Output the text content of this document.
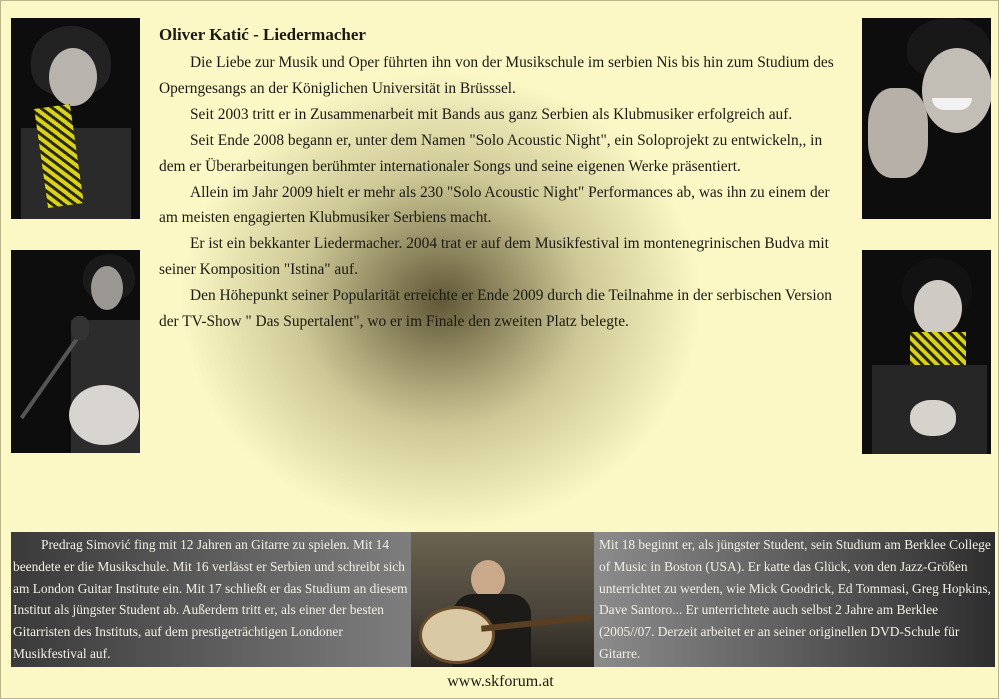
Oliver Katić - Liedermacher

Die Liebe zur Musik und Oper führten ihn von der Musikschule im serbien Nis bis hin zum Studium des Operngesangs an der Königlichen Universität in Brüsssel.

Seit 2003 tritt er in Zusammenarbeit mit Bands aus ganz Serbien als Klubmusiker erfolgreich auf.

Seit Ende 2008 begann er, unter dem Namen "Solo Acoustic Night", ein Soloprojekt zu entwickeln,, in dem er Überarbeitungen berühmter internationaler Songs und seine eigenen Werke präsentiert.

Allein im Jahr 2009 hielt er mehr als 230 "Solo Acoustic Night" Performances ab, was ihn zu einem der am meisten engagierten Klubmusiker Serbiens macht.

Er ist ein bekkanter Liedermacher. 2004 trat er auf dem Musikfestival im montenegrinischen Budva mit seiner Komposition "Istina" auf.

Den Höhepunkt seiner Popularität erreichte er Ende 2009 durch die Teilnahme in der serbischen Version der TV-Show " Das Supertalent", wo er im Finale den zweiten Platz belegte.

Predrag Simović fing mit 12 Jahren an Gitarre zu spielen. Mit 14 beendete er die Musikschule. Mit 16 verlässt er Serbien und schreibt sich am London Guitar Institute ein. Mit 17 schließt er das Studium an diesem Institut als jüngster Student ab. Außerdem tritt er, als einer der besten Gitarristen des Instituts, auf dem prestigeträchtigen Londoner Musikfestival auf.

Mit 18 beginnt er, als jüngster Student, sein Studium am Berklee College of Music in Boston (USA). Er katte das Glück, von den Jazz-Größen unterrichtet zu werden, wie Mick Goodrick, Ed Tommasi, Greg Hopkins, Dave Santoro... Er unterrichtete auch selbst 2 Jahre am Berklee (2005//07. Derzeit arbeitet er an seiner originellen DVD-Schule für Gitarre.

www.skforum.at
